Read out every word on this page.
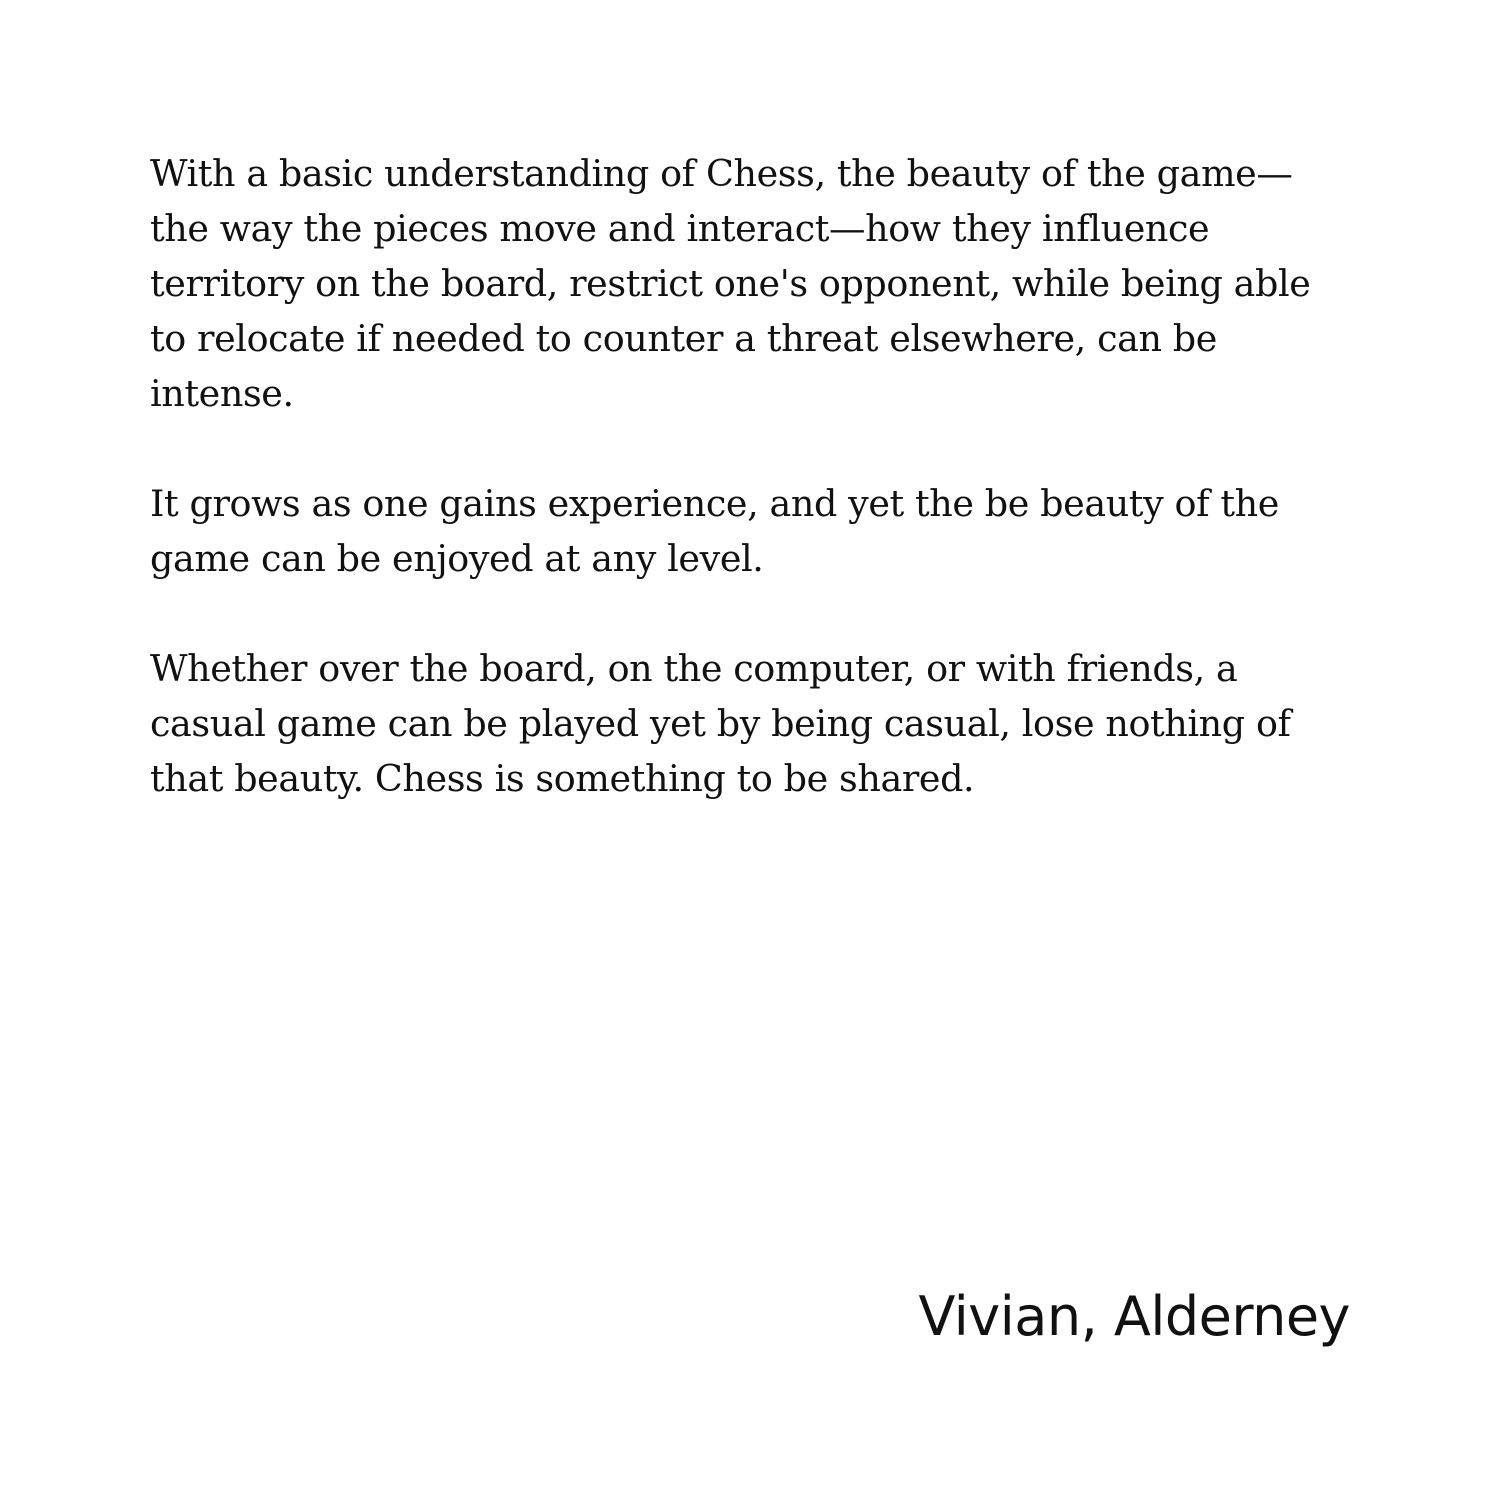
With a basic understanding of Chess, the beauty of the game—the way the pieces move and interact—how they influence territory on the board, restrict one's opponent, while being able to relocate if needed to counter a threat elsewhere, can be intense.

It grows as one gains experience, and yet the be beauty of the game can be enjoyed at any level.

Whether over the board, on the computer, or with friends, a casual game can be played yet by being casual, lose nothing of that beauty. Chess is something to be shared.

Vivian, Alderney
